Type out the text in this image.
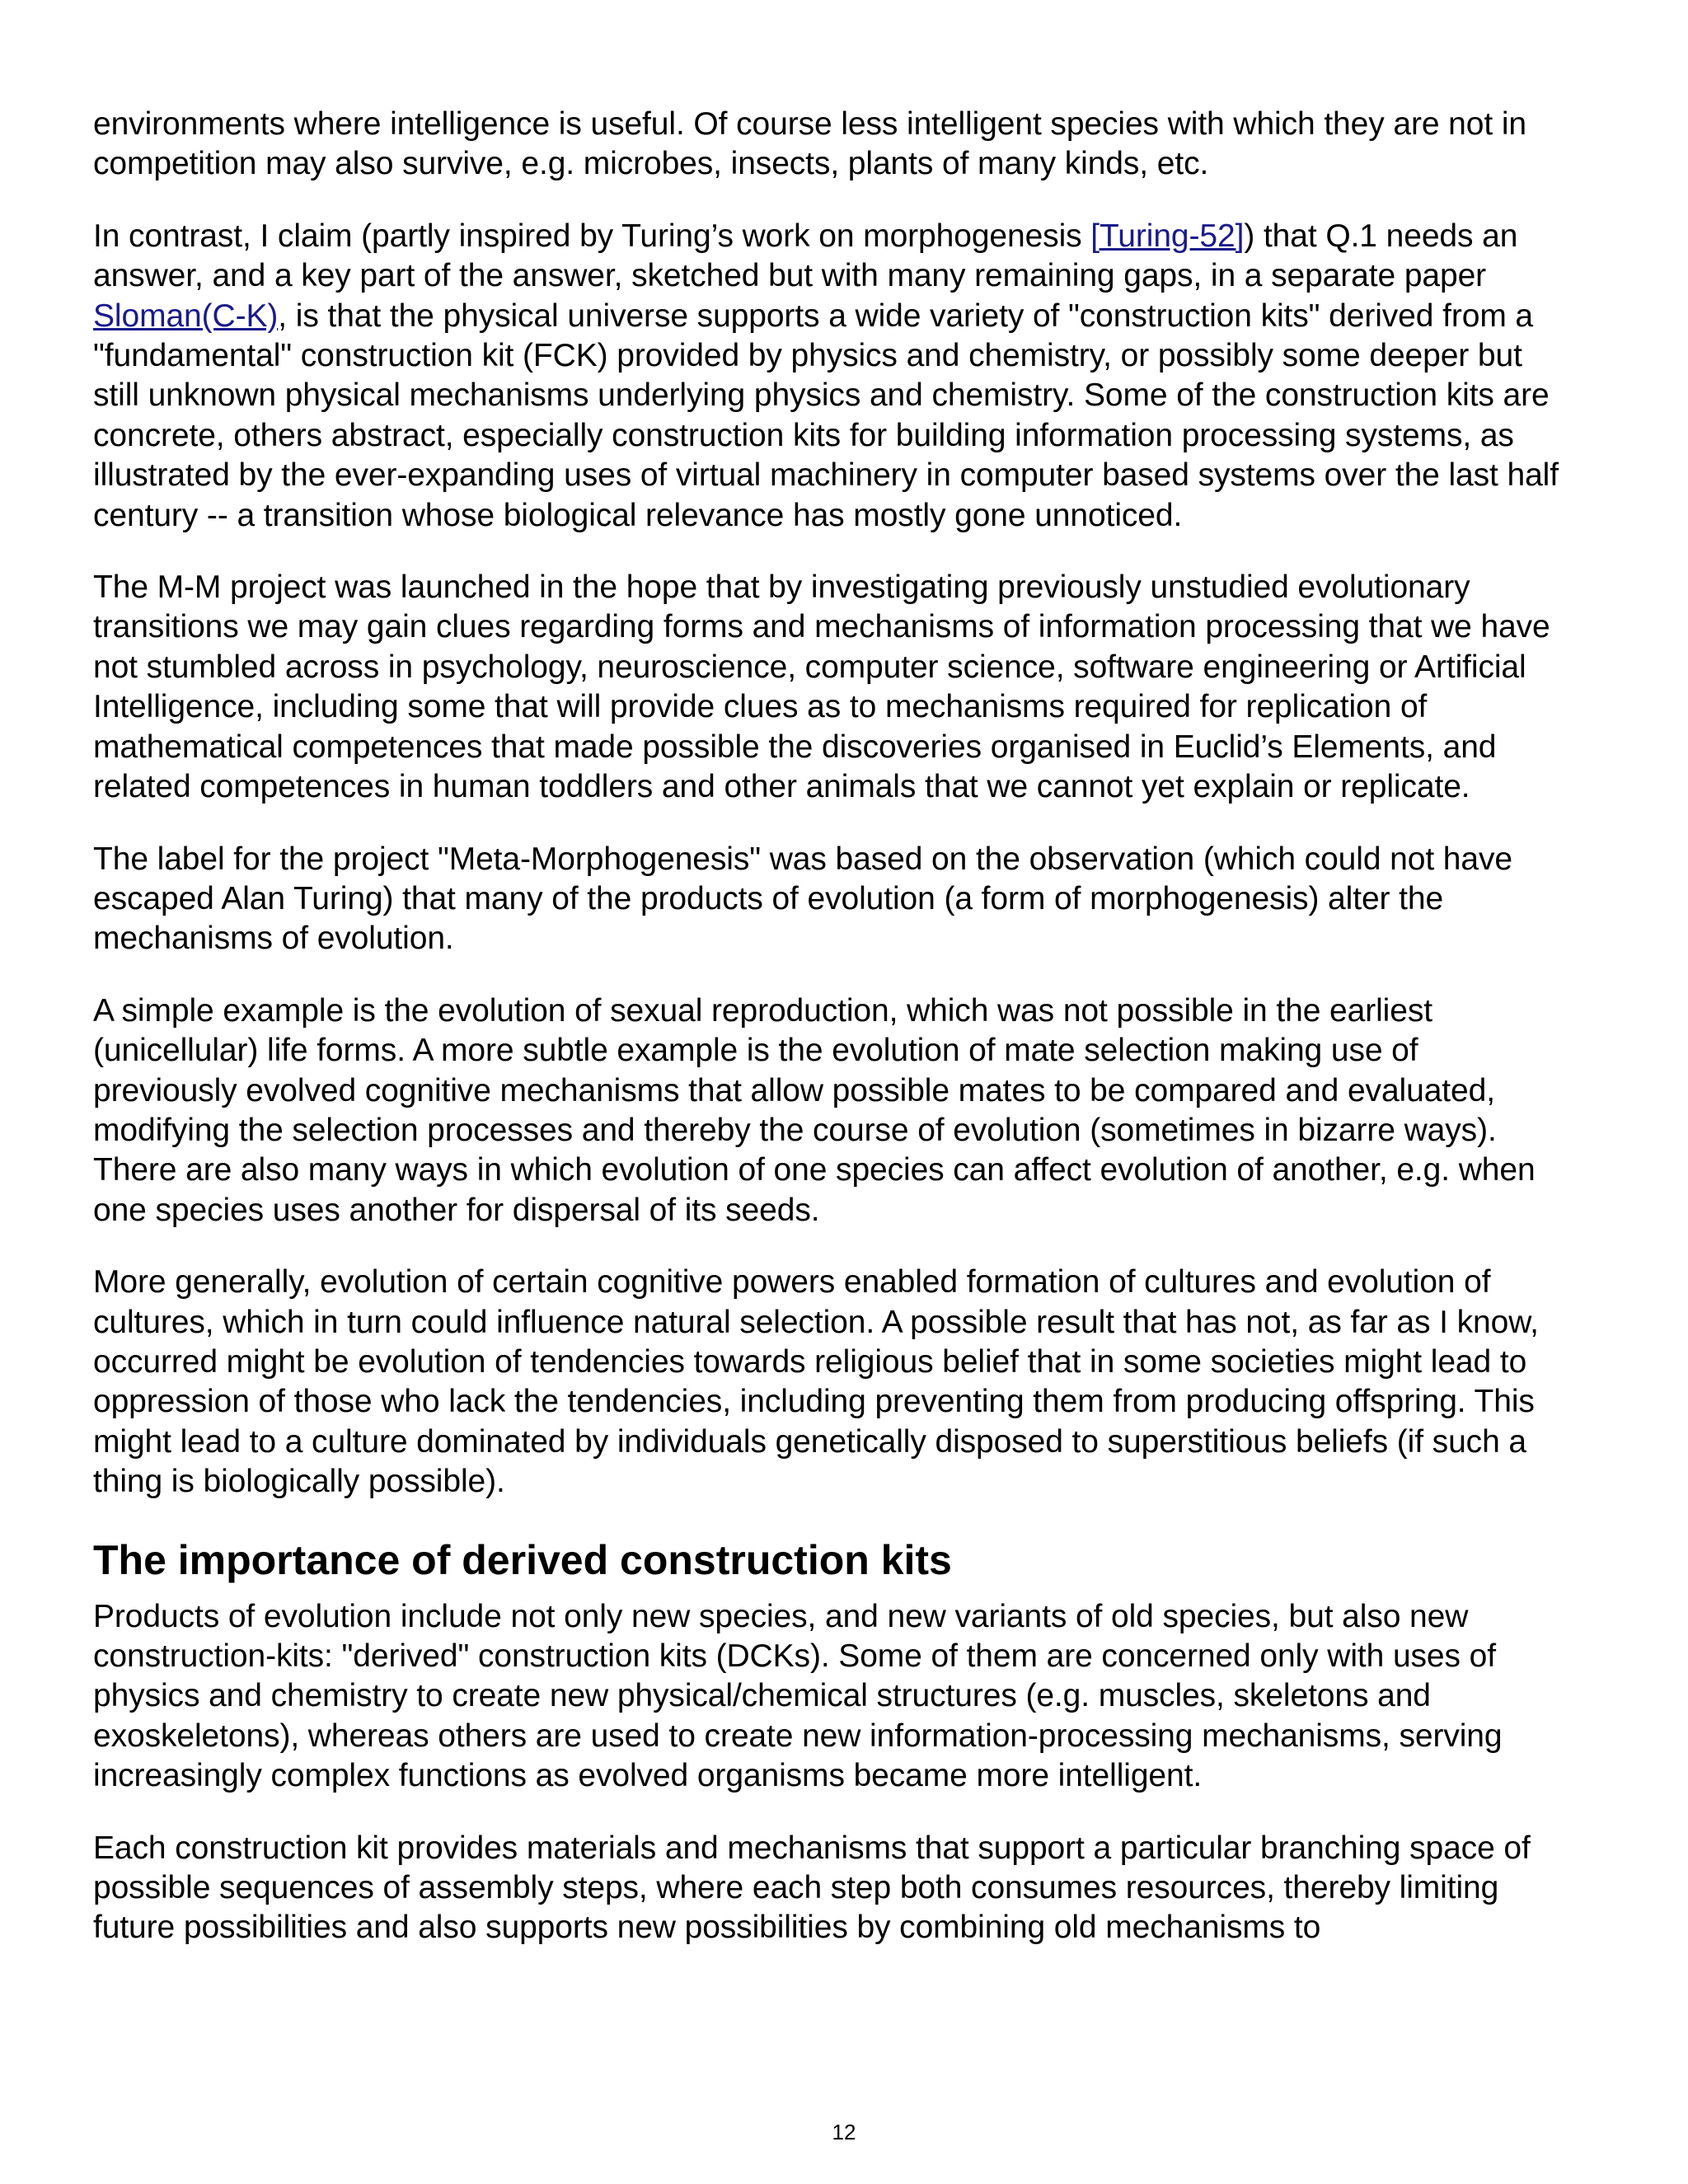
environments where intelligence is useful. Of course less intelligent species with which they are not in competition may also survive, e.g. microbes, insects, plants of many kinds, etc.

In contrast, I claim (partly inspired by Turing’s work on morphogenesis [Turing-52]) that Q.1 needs an answer, and a key part of the answer, sketched but with many remaining gaps, in a separate paper Sloman(C-K), is that the physical universe supports a wide variety of "construction kits" derived from a "fundamental" construction kit (FCK) provided by physics and chemistry, or possibly some deeper but still unknown physical mechanisms underlying physics and chemistry. Some of the construction kits are concrete, others abstract, especially construction kits for building information processing systems, as illustrated by the ever-expanding uses of virtual machinery in computer based systems over the last half century -- a transition whose biological relevance has mostly gone unnoticed.

The M-M project was launched in the hope that by investigating previously unstudied evolutionary transitions we may gain clues regarding forms and mechanisms of information processing that we have not stumbled across in psychology, neuroscience, computer science, software engineering or Artificial Intelligence, including some that will provide clues as to mechanisms required for replication of mathematical competences that made possible the discoveries organised in Euclid’s Elements, and related competences in human toddlers and other animals that we cannot yet explain or replicate.

The label for the project "Meta-Morphogenesis" was based on the observation (which could not have escaped Alan Turing) that many of the products of evolution (a form of morphogenesis) alter the mechanisms of evolution.

A simple example is the evolution of sexual reproduction, which was not possible in the earliest (unicellular) life forms. A more subtle example is the evolution of mate selection making use of previously evolved cognitive mechanisms that allow possible mates to be compared and evaluated, modifying the selection processes and thereby the course of evolution (sometimes in bizarre ways). There are also many ways in which evolution of one species can affect evolution of another, e.g. when one species uses another for dispersal of its seeds.

More generally, evolution of certain cognitive powers enabled formation of cultures and evolution of cultures, which in turn could influence natural selection. A possible result that has not, as far as I know, occurred might be evolution of tendencies towards religious belief that in some societies might lead to oppression of those who lack the tendencies, including preventing them from producing offspring. This might lead to a culture dominated by individuals genetically disposed to superstitious beliefs (if such a thing is biologically possible).

The importance of derived construction kits

Products of evolution include not only new species, and new variants of old species, but also new construction-kits: "derived" construction kits (DCKs). Some of them are concerned only with uses of physics and chemistry to create new physical/chemical structures (e.g. muscles, skeletons and exoskeletons), whereas others are used to create new information-processing mechanisms, serving increasingly complex functions as evolved organisms became more intelligent.

Each construction kit provides materials and mechanisms that support a particular branching space of possible sequences of assembly steps, where each step both consumes resources, thereby limiting future possibilities and also supports new possibilities by combining old mechanisms to

12
